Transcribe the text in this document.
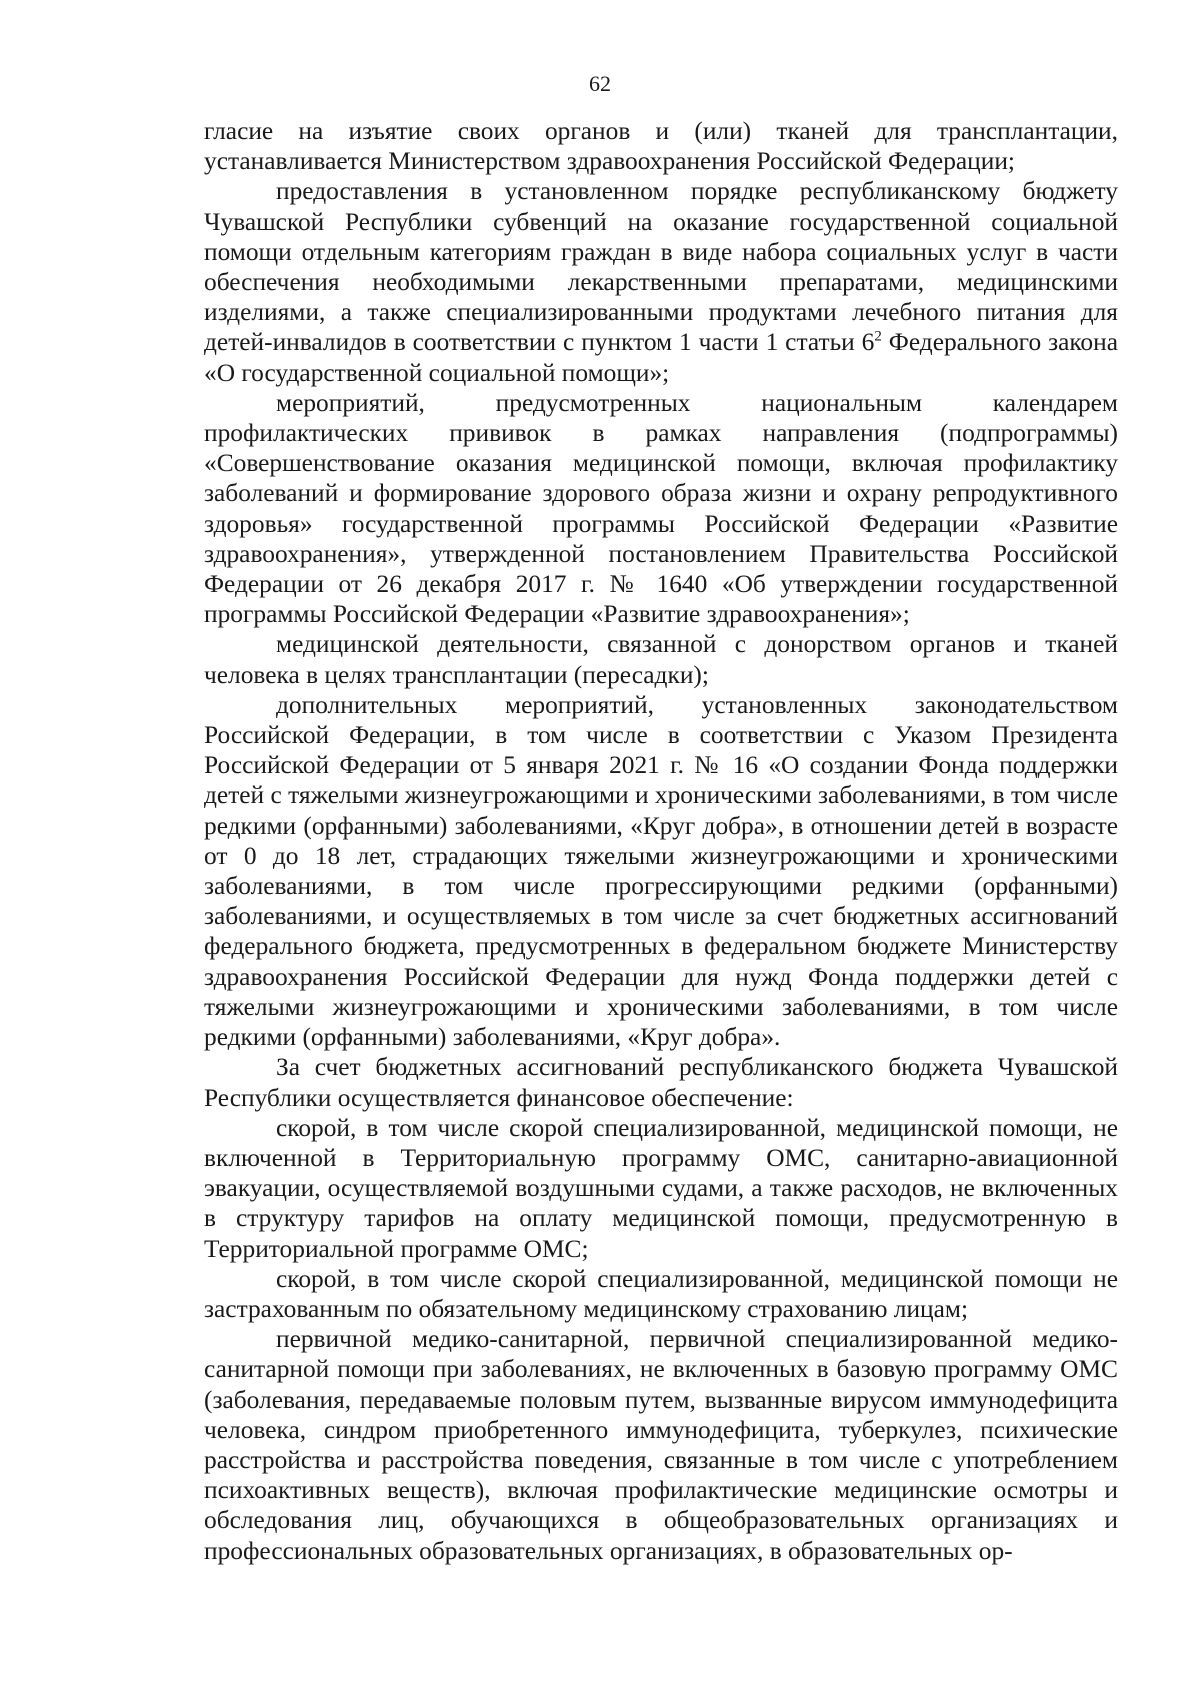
62

гласие на изъятие своих органов и (или) тканей для трансплантации, устанавливается Министерством здравоохранения Российской Федерации;

предоставления в установленном порядке республиканскому бюджету Чувашской Республики субвенций на оказание государственной социальной помощи отдельным категориям граждан в виде набора социальных услуг в части обеспечения необходимыми лекарственными препаратами, медицинскими изделиями, а также специализированными продуктами лечебного питания для детей-инвалидов в соответствии с пунктом 1 части 1 статьи $6^2$ Федерального закона «О государственной социальной помощи»;

мероприятий, предусмотренных национальным календарем профилактических прививок в рамках направления (подпрограммы) «Совершенствование оказания медицинской помощи, включая профилактику заболеваний и формирование здорового образа жизни и охрану репродуктивного здоровья» государственной программы Российской Федерации «Развитие здравоохранения», утвержденной постановлением Правительства Российской Федерации от 26 декабря 2017 г. № 1640 «Об утверждении государственной программы Российской Федерации «Развитие здравоохранения»;

медицинской деятельности, связанной с донорством органов и тканей человека в целях трансплантации (пересадки);

дополнительных мероприятий, установленных законодательством Российской Федерации, в том числе в соответствии с Указом Президента Российской Федерации от 5 января 2021 г. № 16 «О создании Фонда поддержки детей с тяжелыми жизнеугрожающими и хроническими заболеваниями, в том числе редкими (орфанными) заболеваниями, «Круг добра», в отношении детей в возрасте от 0 до 18 лет, страдающих тяжелыми жизнеугрожающими и хроническими заболеваниями, в том числе прогрессирующими редкими (орфанными) заболеваниями, и осуществляемых в том числе за счет бюджетных ассигнований федерального бюджета, предусмотренных в федеральном бюджете Министерству здравоохранения Российской Федерации для нужд Фонда поддержки детей с тяжелыми жизнеугрожающими и хроническими заболеваниями, в том числе редкими (орфанными) заболеваниями, «Круг добра».

За счет бюджетных ассигнований республиканского бюджета Чувашской Республики осуществляется финансовое обеспечение:

скорой, в том числе скорой специализированной, медицинской помощи, не включенной в Территориальную программу ОМС, санитарно-авиационной эвакуации, осуществляемой воздушными судами, а также расходов, не включенных в структуру тарифов на оплату медицинской помощи, предусмотренную в Территориальной программе ОМС;

скорой, в том числе скорой специализированной, медицинской помощи не застрахованным по обязательному медицинскому страхованию лицам;

первичной медико-санитарной, первичной специализированной медико-санитарной помощи при заболеваниях, не включенных в базовую программу ОМС (заболевания, передаваемые половым путем, вызванные вирусом иммунодефицита человека, синдром приобретенного иммунодефицита, туберкулез, психические расстройства и расстройства поведения, связанные в том числе с употреблением психоактивных веществ), включая профилактические медицинские осмотры и обследования лиц, обучающихся в общеобразовательных организациях и профессиональных образовательных организациях, в образовательных ор-
